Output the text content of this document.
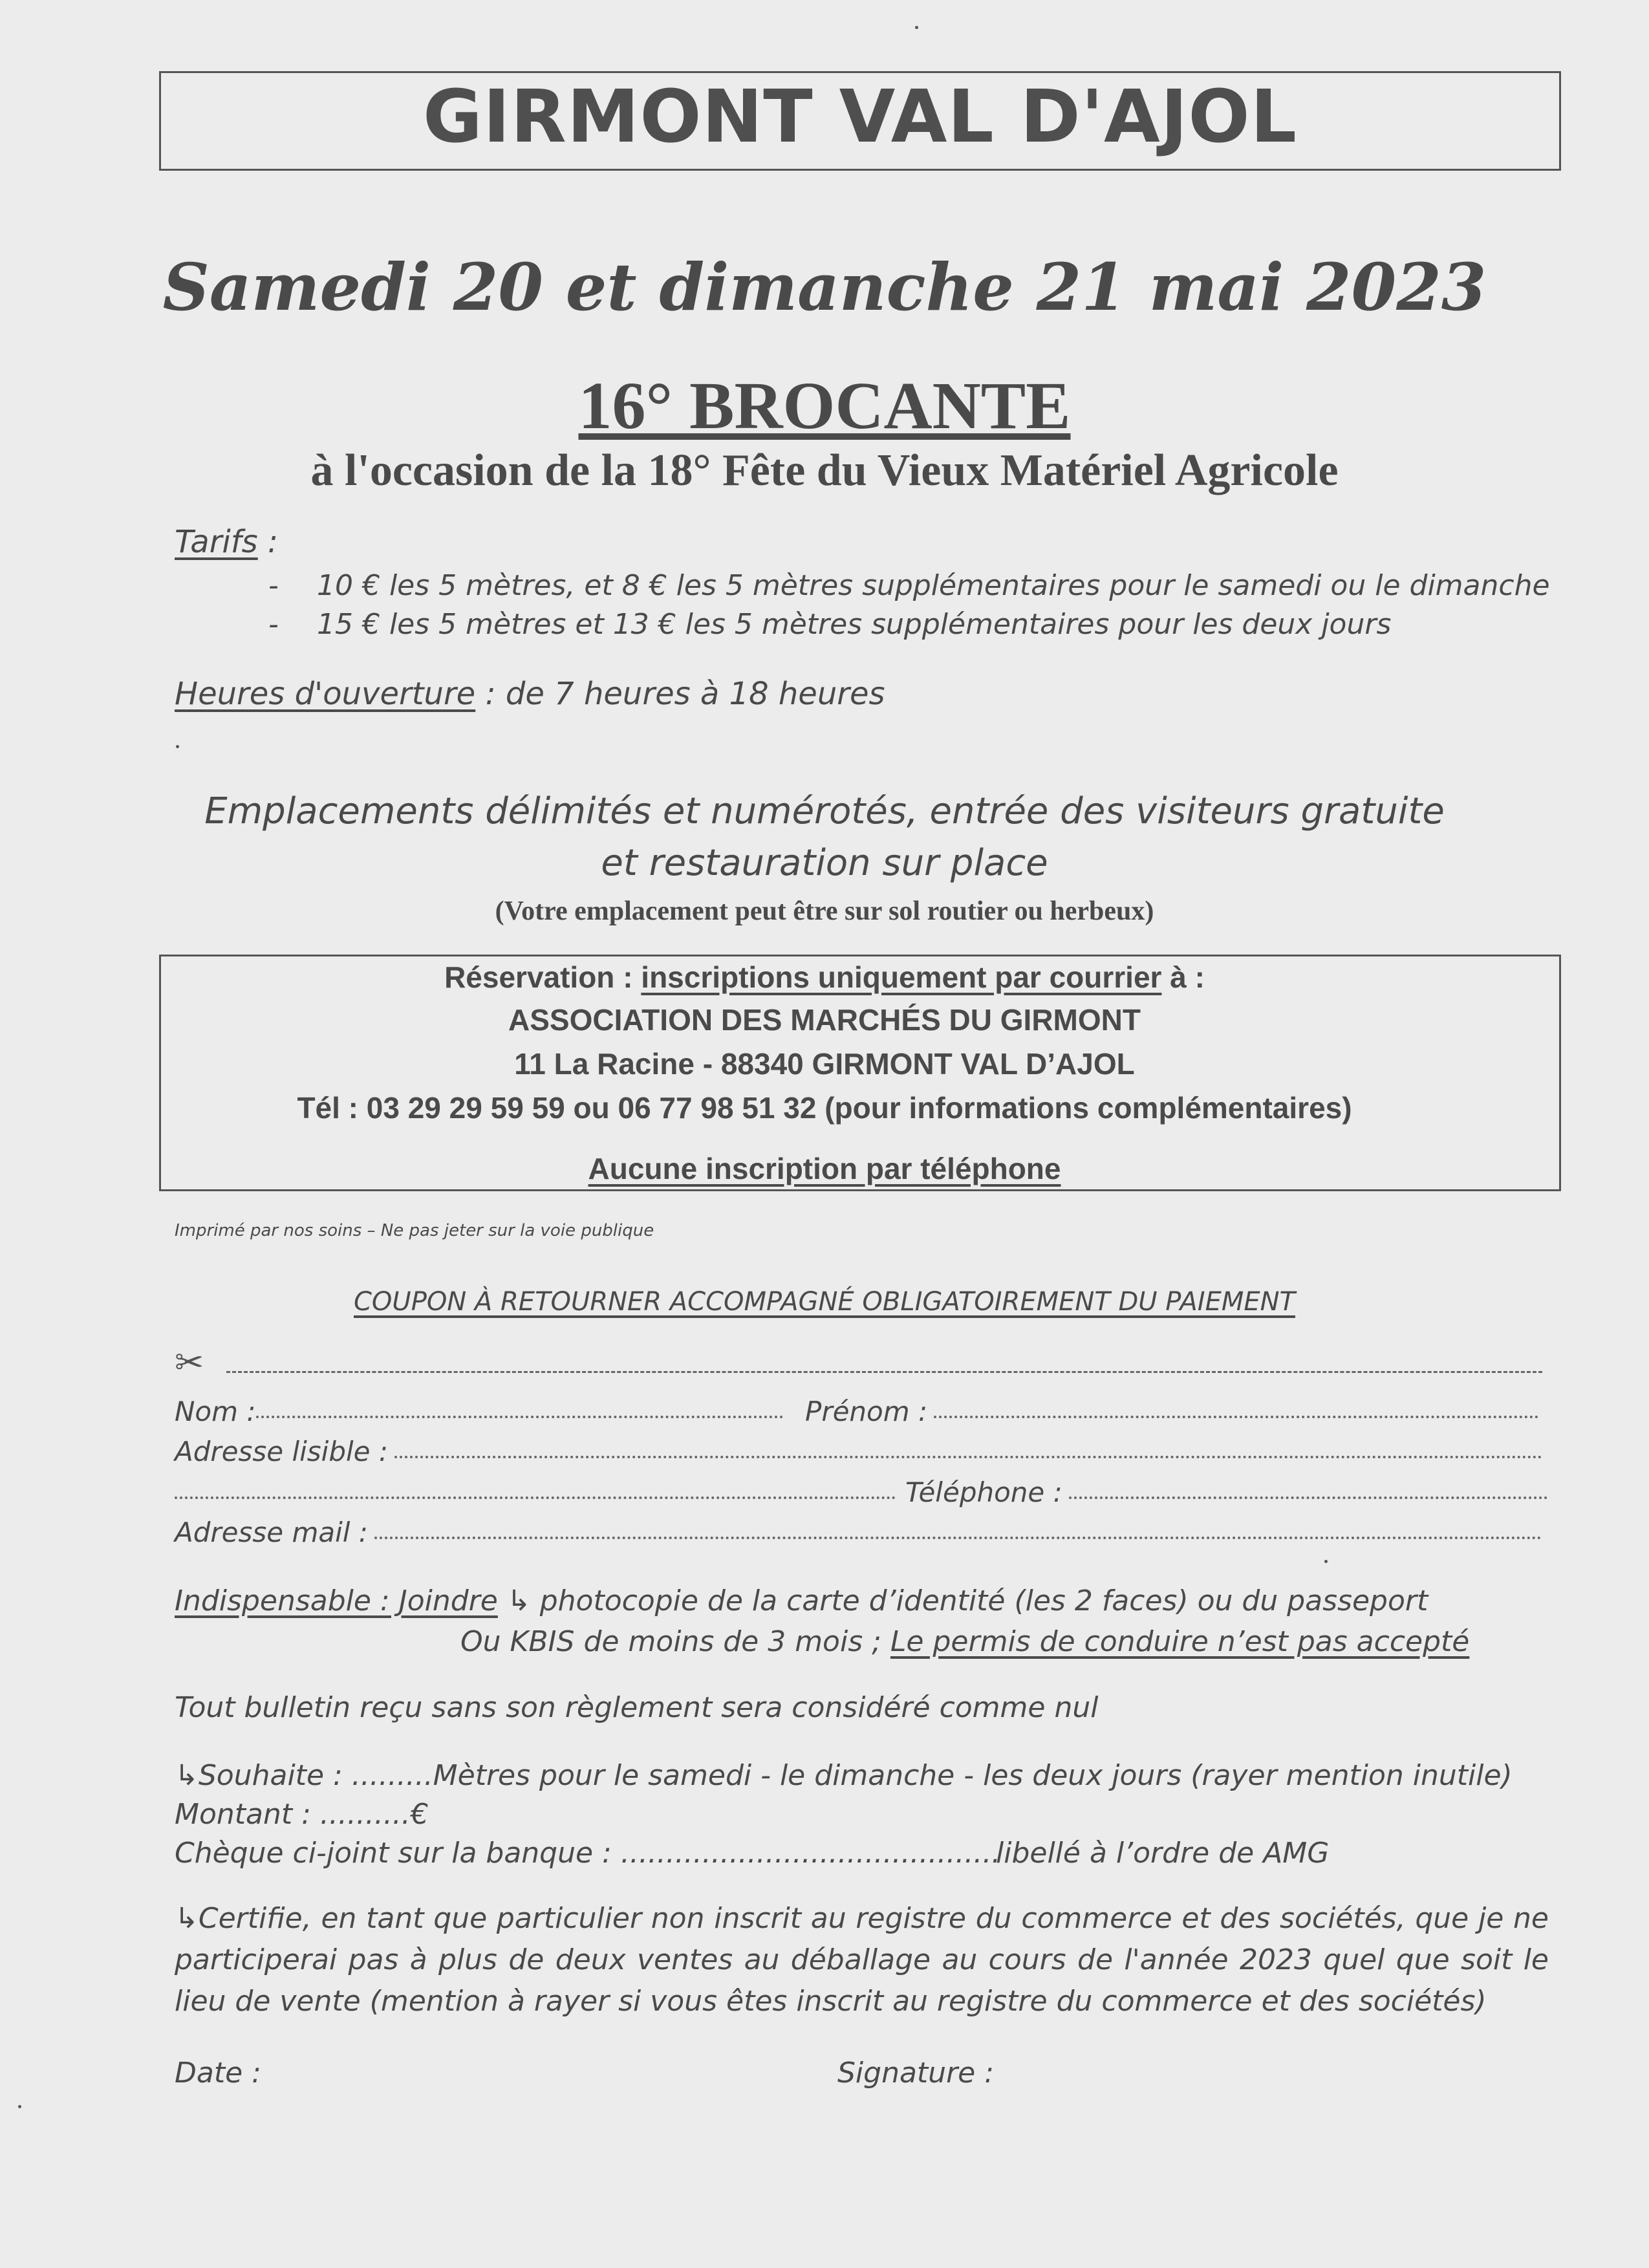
GIRMONT VAL D'AJOL
Samedi 20 et dimanche 21 mai 2023
16° BROCANTE
à l'occasion de la 18° Fête du Vieux Matériel Agricole
Tarifs :
- 10 € les 5 mètres, et 8 € les 5 mètres supplémentaires pour le samedi ou le dimanche
- 15 € les 5 mètres et 13 € les 5 mètres supplémentaires pour les deux jours
Heures d'ouverture : de 7 heures à 18 heures
Emplacements délimités et numérotés, entrée des visiteurs gratuite
et restauration sur place
(Votre emplacement peut être sur sol routier ou herbeux)
Réservation : inscriptions uniquement par courrier à :
ASSOCIATION DES MARCHÉS DU GIRMONT
11 La Racine - 88340 GIRMONT VAL D’AJOL
Tél : 03 29 29 59 59 ou 06 77 98 51 32 (pour informations complémentaires)
Aucune inscription par téléphone
Imprimé par nos soins – Ne pas jeter sur la voie publique
COUPON À RETOURNER ACCOMPAGNÉ OBLIGATOIREMENT DU PAIEMENT
✂
Nom :	Prénom :
Adresse lisible :
Téléphone :
Adresse mail :
Indispensable : Joindre ↳ photocopie de la carte d’identité (les 2 faces) ou du passeport
Ou KBIS de moins de 3 mois ; Le permis de conduire n’est pas accepté
Tout bulletin reçu sans son règlement sera considéré comme nul
↳Souhaite : .........Mètres pour le samedi - le dimanche - les deux jours (rayer mention inutile)
Montant : ..........€
Chèque ci-joint sur la banque : ..........................................
libellé à l’ordre de AMG
↳Certifie, en tant que particulier non inscrit au registre du commerce et des sociétés, que je ne participerai pas à plus de deux ventes au déballage au cours de l'année 2023 quel que soit le lieu de vente (mention à rayer si vous êtes inscrit au registre du commerce et des sociétés)
Date :	Signature :
